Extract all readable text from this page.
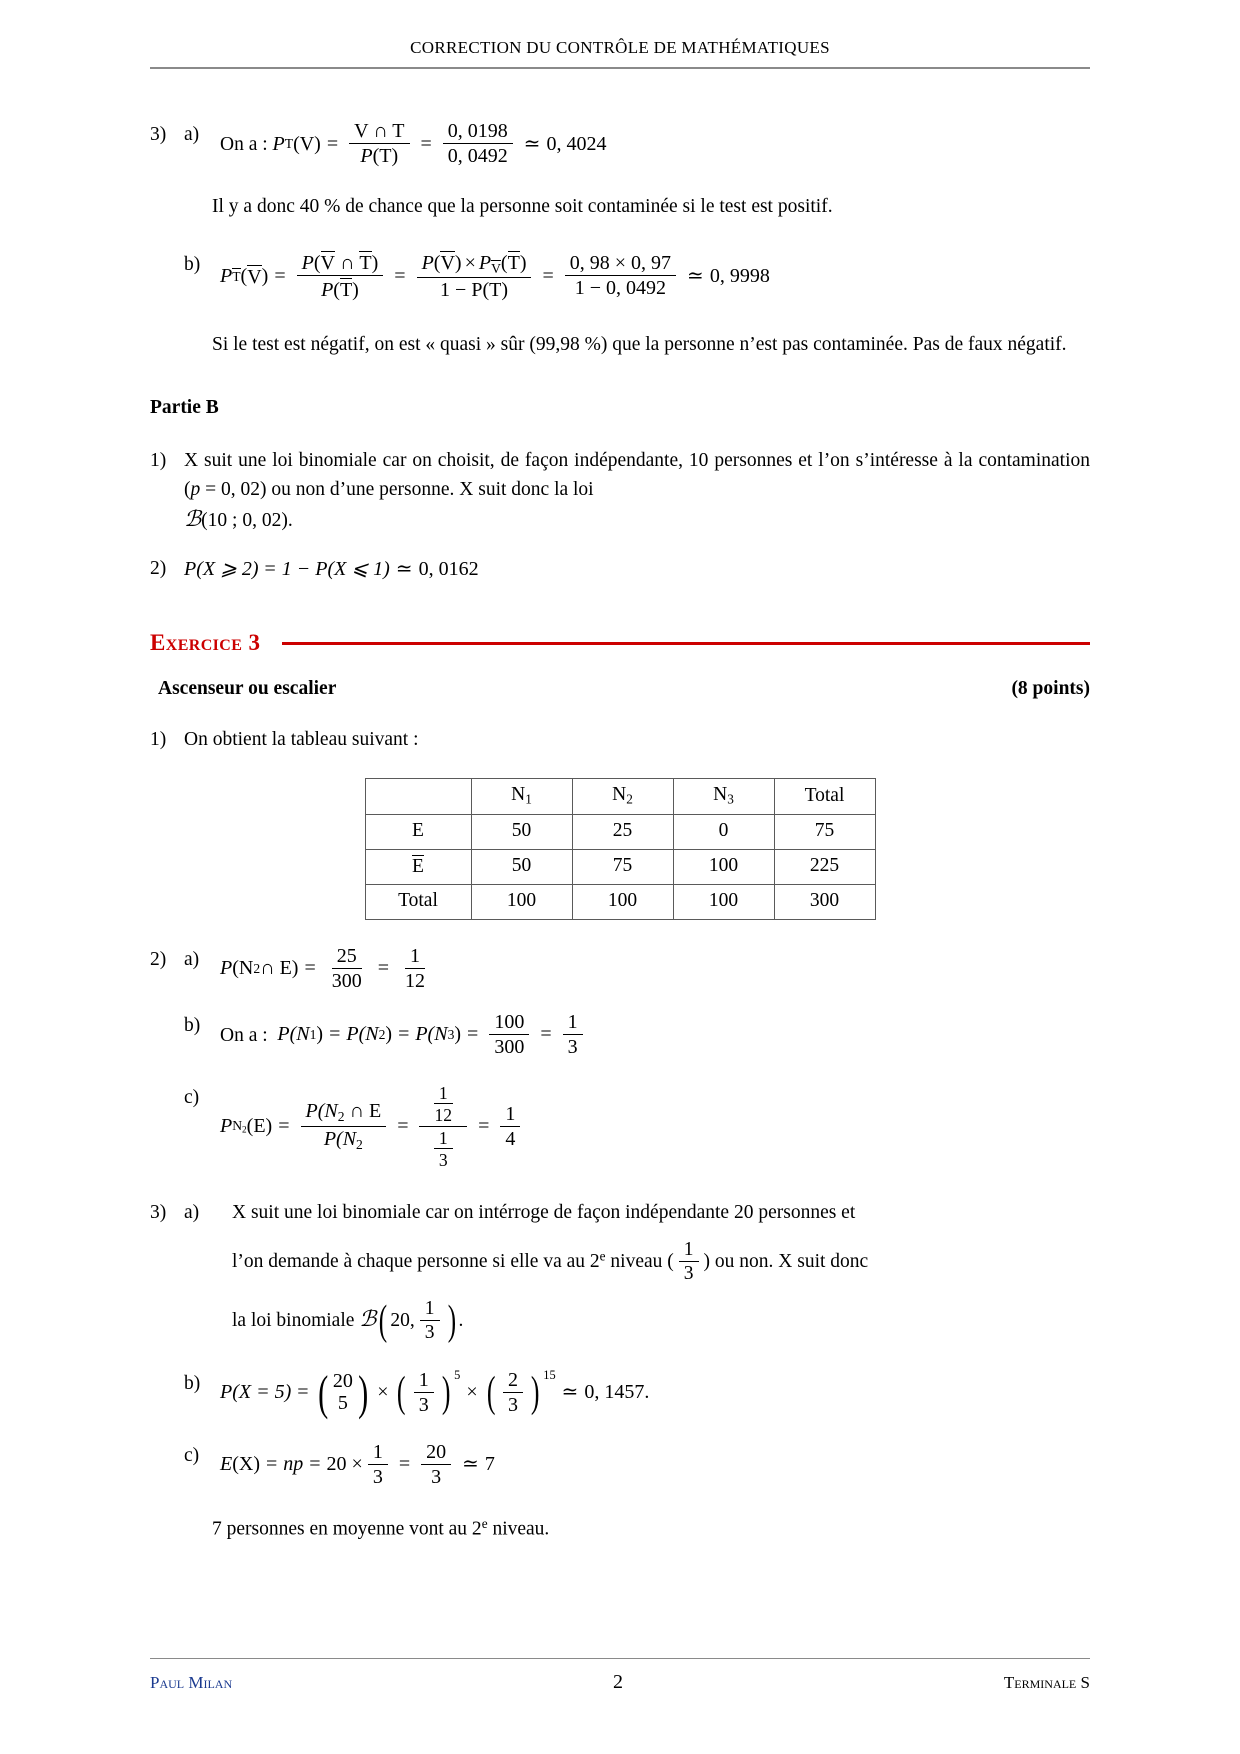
CORRECTION DU CONTRÔLE DE MATHÉMATIQUES
3) a)	On a : P T $(V) = \frac{V \cap T}{P(T)} = \frac{0, 0198}{0, 0492}$ ≃ 0, 4024
Il y a donc 40 % de chance que la personne soit contaminée si le test est positif.
b)
P T ( V ) = $\frac{P(V \cap T)}{P(T)} = \frac{P(V) \times P_V(T)}{1 - P(T)} = \frac{0, 98 \times 0, 97}{1 - 0, 0492}$ ≃ 0, 9998
Si le test est négatif, on est « quasi » sûr (99,98 %) que la personne n’est pas contaminée. Pas de faux négatif.
Partie B
1) X suit une loi binomiale car on choisit, de façon indépendante, 10 personnes et l’on s’intéresse à la contamination (p = 0, 02) ou non d’une personne. X suit donc la loi
ℬ(10 ; 0, 02).
2) P(X ⩾ 2) = 1 − P(X ⩽ 1) ≃ 0, 0162
Exercice 3
Ascenseur ou escalier	(8 points)
1) On obtient la tableau suivant :
	$N_1$	$N_2$	$N_3$	Total
E	50	25	0	75
E	50	75	100	225
Total	100	100	100	300
2) a)	P ( N 2 ∩ $E) = \frac{25}{300} = \frac{1}{12}$
b)	On a : P(N 1 ) = P(N 2 ) = P(N 3 ) = $\frac{100}{300} = \frac{1}{3}$
c)
P $N_2$ $(E) = \frac{P(N_2 \cap E}{P(N_2} = \frac{\frac{1}{12}}{\frac{1}{3}} = \frac{1}{4}$
3) a)	X suit une loi binomiale car on intérroge de façon indépendante 20 personnes et
l’on demande à chaque personne si elle va au 2e niveau ( $\frac{1}{3}$ ) ou non. X suit donc
la loi binomiale ℬ ( 20, $\frac{1}{3}$ ) .
b) P(X = 5) = ( 20
5 ) × ( $\frac{1}{3}$ ) 5
× ( $\frac{2}{3}$ ) 15
≃ 0, 1457.
c)	E (X) = np = $20 \times \frac{1}{3} = \frac{20}{3}$ ≃ 7
7 personnes en moyenne vont au 2e niveau.
Paul Milan	2	Terminale S
